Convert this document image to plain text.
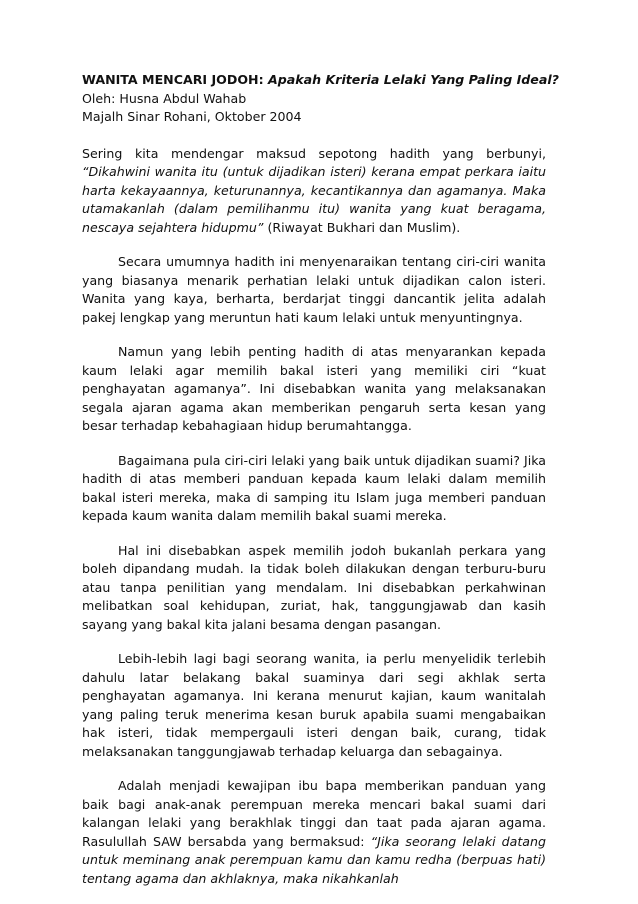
WANITA MENCARI JODOH: Apakah Kriteria Lelaki Yang Paling Ideal?

Oleh: Husna Abdul Wahab

Majalh Sinar Rohani, Oktober 2004

Sering kita mendengar maksud sepotong hadith yang berbunyi, “Dikahwini wanita itu (untuk dijadikan isteri) kerana empat perkara iaitu harta kekayaannya, keturunannya, kecantikannya dan agamanya. Maka utamakanlah (dalam pemilihanmu itu) wanita yang kuat beragama, nescaya sejahtera hidupmu” (Riwayat Bukhari dan Muslim).

Secara umumnya hadith ini menyenaraikan tentang ciri-ciri wanita yang biasanya menarik perhatian lelaki untuk dijadikan calon isteri. Wanita yang kaya, berharta, berdarjat tinggi dancantik jelita adalah pakej lengkap yang meruntun hati kaum lelaki untuk menyuntingnya.

Namun yang lebih penting hadith di atas menyarankan kepada kaum lelaki agar memilih bakal isteri yang memiliki ciri “kuat penghayatan agamanya”. Ini disebabkan wanita yang melaksanakan segala ajaran agama akan memberikan pengaruh serta kesan yang besar terhadap kebahagiaan hidup berumahtangga.

Bagaimana pula ciri-ciri lelaki yang baik untuk dijadikan suami? Jika hadith di atas memberi panduan kepada kaum lelaki dalam memilih bakal isteri mereka, maka di samping itu Islam juga memberi panduan kepada kaum wanita dalam memilih bakal suami mereka.

Hal ini disebabkan aspek memilih jodoh bukanlah perkara yang boleh dipandang mudah. Ia tidak boleh dilakukan dengan terburu-buru atau tanpa penilitian yang mendalam. Ini disebabkan perkahwinan melibatkan soal kehidupan, zuriat, hak, tanggungjawab dan kasih sayang yang bakal kita jalani besama dengan pasangan.

Lebih-lebih lagi bagi seorang wanita, ia perlu menyelidik terlebih dahulu latar belakang bakal suaminya dari segi akhlak serta penghayatan agamanya. Ini kerana menurut kajian, kaum wanitalah yang paling teruk menerima kesan buruk apabila suami mengabaikan hak isteri, tidak mempergauli isteri dengan baik, curang, tidak melaksanakan tanggungjawab terhadap keluarga dan sebagainya.

Adalah menjadi kewajipan ibu bapa memberikan panduan yang baik bagi anak-anak perempuan mereka mencari bakal suami dari kalangan lelaki yang berakhlak tinggi dan taat pada ajaran agama. Rasulullah SAW bersabda yang bermaksud: “Jika seorang lelaki datang untuk meminang anak perempuan kamu dan kamu redha (berpuas hati) tentang agama dan akhlaknya, maka nikahkanlah
